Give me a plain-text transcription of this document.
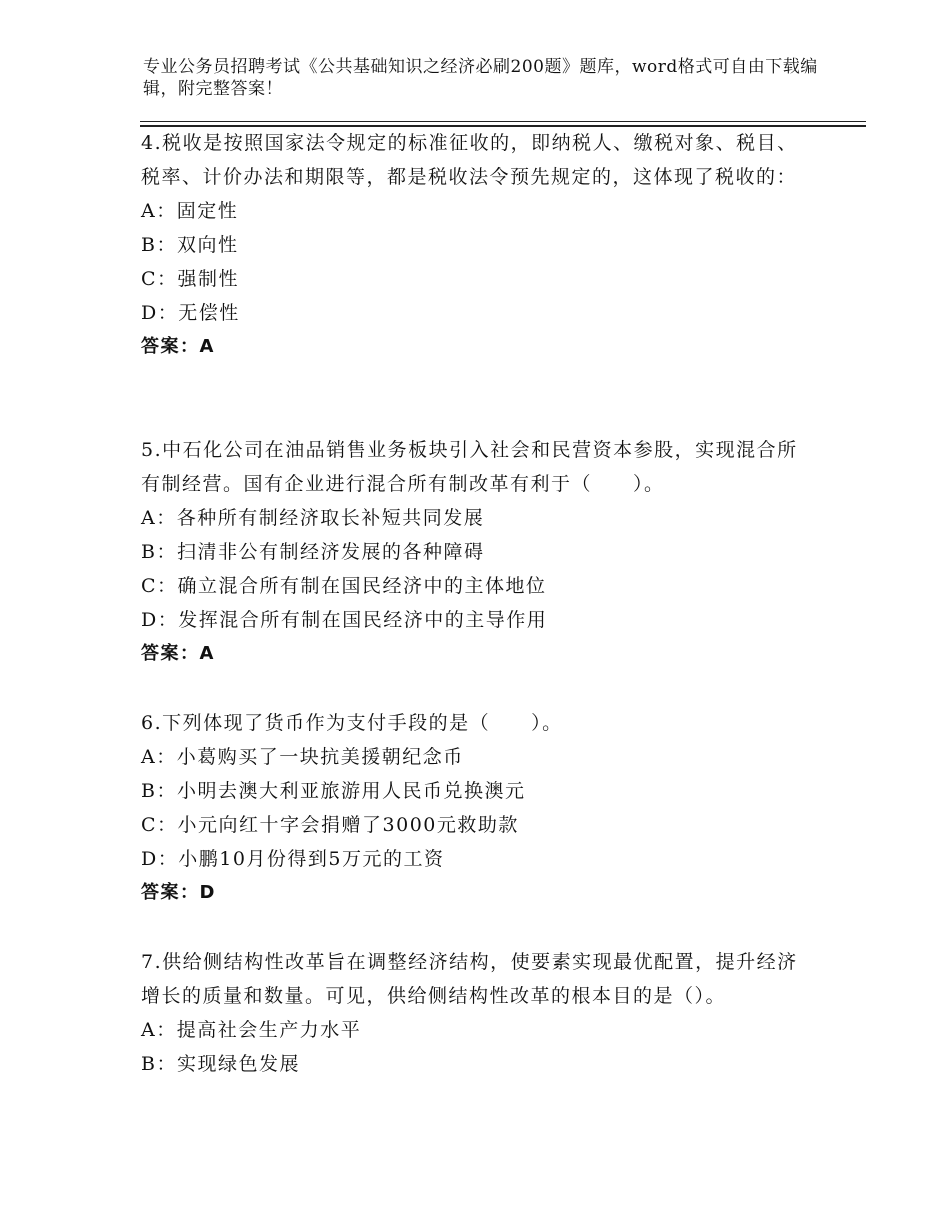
专业公务员招聘考试《公共基础知识之经济必刷200题》题库，word格式可自由下载编辑，附完整答案！
4.税收是按照国家法令规定的标准征收的，即纳税人、缴税对象、税目、税率、计价办法和期限等，都是税收法令预先规定的，这体现了税收的：
A：固定性
B：双向性
C：强制性
D：无偿性
答案：A
5.中石化公司在油品销售业务板块引入社会和民营资本参股，实现混合所有制经营。国有企业进行混合所有制改革有利于（　　）。
A：各种所有制经济取长补短共同发展
B：扫清非公有制经济发展的各种障碍
C：确立混合所有制在国民经济中的主体地位
D：发挥混合所有制在国民经济中的主导作用
答案：A
6.下列体现了货币作为支付手段的是（　　）。
A：小葛购买了一块抗美援朝纪念币
B：小明去澳大利亚旅游用人民币兑换澳元
C：小元向红十字会捐赠了3000元救助款
D：小鹏10月份得到5万元的工资
答案：D
7.供给侧结构性改革旨在调整经济结构，使要素实现最优配置，提升经济增长的质量和数量。可见，供给侧结构性改革的根本目的是（）。
A：提高社会生产力水平
B：实现绿色发展
